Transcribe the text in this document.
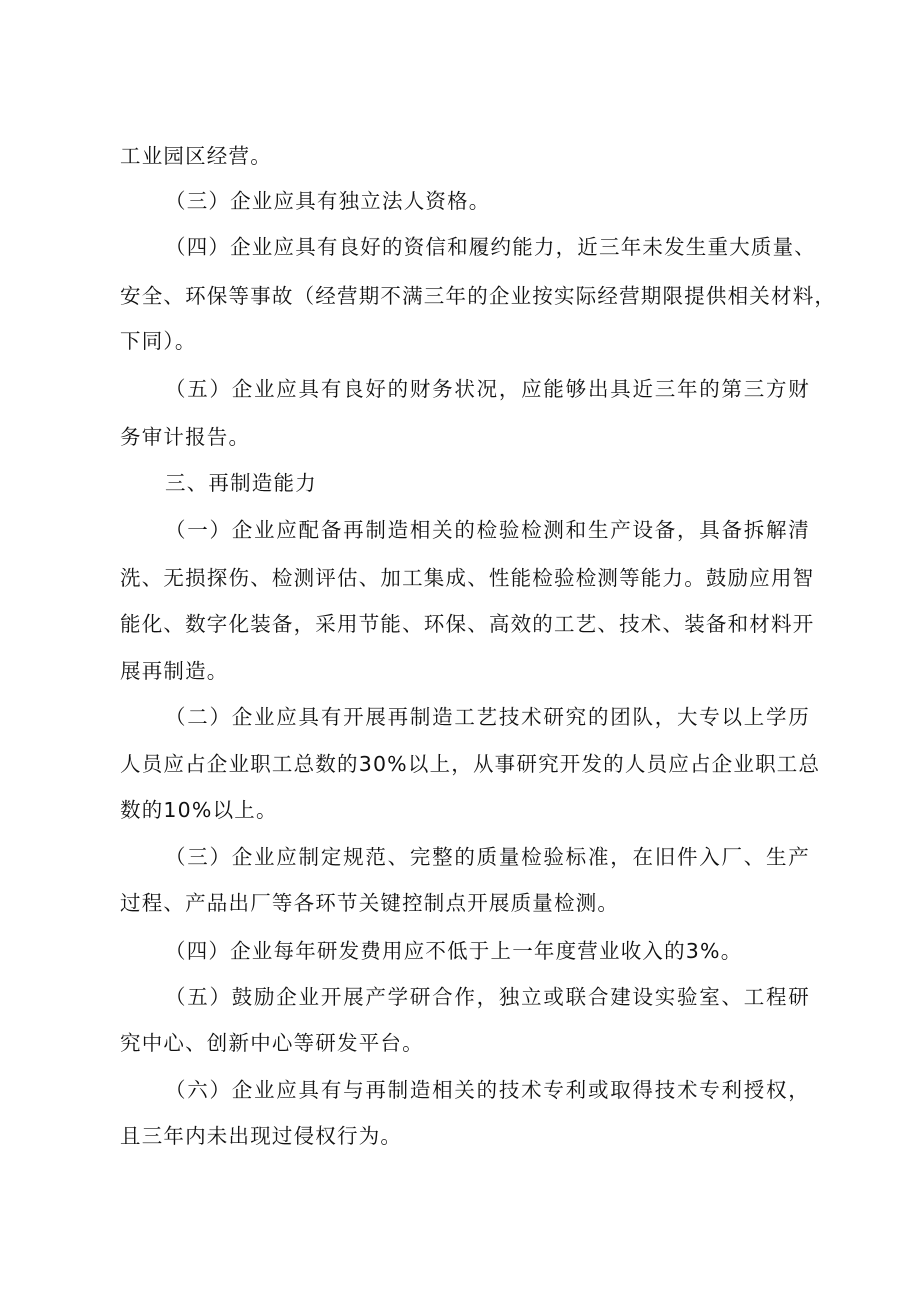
工业园区经营。
（三）企业应具有独立法人资格。
（四）企业应具有良好的资信和履约能力，近三年未发生重大质量、
安全、环保等事故（经营期不满三年的企业按实际经营期限提供相关材料，
下同）。
（五）企业应具有良好的财务状况，应能够出具近三年的第三方财
务审计报告。
三、再制造能力
（一）企业应配备再制造相关的检验检测和生产设备，具备拆解清
洗、无损探伤、检测评估、加工集成、性能检验检测等能力。鼓励应用智
能化、数字化装备，采用节能、环保、高效的工艺、技术、装备和材料开
展再制造。
（二）企业应具有开展再制造工艺技术研究的团队，大专以上学历
人员应占企业职工总数的30%以上，从事研究开发的人员应占企业职工总
数的10%以上。
（三）企业应制定规范、完整的质量检验标准，在旧件入厂、生产
过程、产品出厂等各环节关键控制点开展质量检测。
（四）企业每年研发费用应不低于上一年度营业收入的3%。
（五）鼓励企业开展产学研合作，独立或联合建设实验室、工程研
究中心、创新中心等研发平台。
（六）企业应具有与再制造相关的技术专利或取得技术专利授权，
且三年内未出现过侵权行为。
